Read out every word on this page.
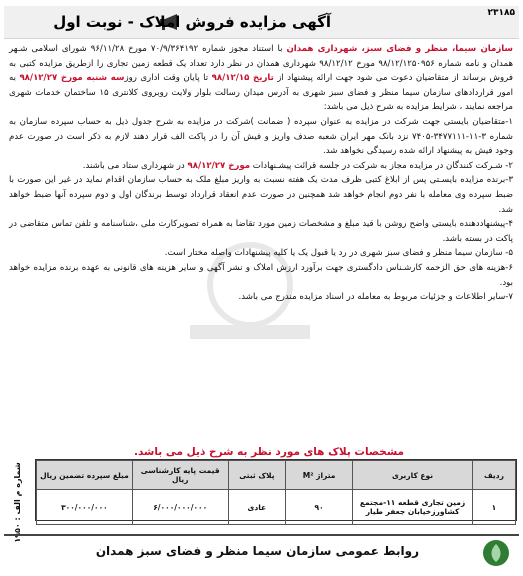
۲۳۱۸۵
آگهی مزایده فروش املاک - نوبت اول

سازمان سیما، منظر و فضای سبز، شهرداری همدان با استناد مجوز شماره ۷۰/۹/۳۶۴۱۹۲ مورخ ۹۶/۱۱/۲۸ شورای اسلامی شـهر همدان و نامه شماره ۹۸/۱۲/۱۲۵۰۹۵۶ مورخ ۹۸/۱۲/۱۲ شهرداری همدان در نظر دارد تعداد یک قطعه زمین تجاری را ازطریق مزایده کتبی به فروش برساند از متقاضیان دعوت می شود جهت ارائه پیشنهاد از تاریخ ۹۸/۱۲/۱۵ تا پایان وقت اداری روزسه شنبه مورخ ۹۸/۱۲/۲۷ به امور قراردادهای سازمان سیما منظر و فضای سبز شهری به آدرس میدان رسالت بلوار ولایت روبروی کلانتری ۱۵ ساختمان خدمات شهری مراجعه نمایند ، شرایط مزایده به شرح ذیل می باشد:

۱-متقاضیان بایستی جهت شرکت در مزایده به عنوان سپرده ( ضمانت )شرکت در مزایده به شرح جدول ذیل به حساب سپرده سازمان به شماره ۳-۱۱-۳۴۷۷۱۱۱-۷۴۰۵ نزد بانک مهر ایران شعبه صدف واریز و فیش آن را در پاکت الف قرار دهند لازم به ذکر است در صورت عدم وجود فیش به پیشنهاد ارائه شده رسیدگی نخواهد شد.

۲- شـرکت کنندگان در مزایده مجاز به شرکت در جلسه قرائت پیشـنهادات مورخ ۹۸/۱۲/۲۷ در شهرداری ستاد می باشند.

۳-برنده مزایده بایسـتی پس از ابلاغ کتبی ظرف مدت یک هفته نسبت به واریز مبلغ ملک به حساب سازمان اقدام نماید در غیر این صورت با ضبط سپرده وی معامله با نفر دوم انجام خواهد شد همچنین در صورت عدم انعقاد قرارداد توسط برندگان اول و دوم سپرده آنها ضبط خواهد شد.

۴-پیشنهاددهنده بایستی واضح روشن با قید مبلغ و مشخصات زمین مورد تقاضا به همراه تصویرکارت ملی ،شناسنامه و تلفن تماس متقاضی در پاکت در بسته باشد.

۵- سازمان سیما منظر و فضای سبز شهری در رد یا قبول یک یا کلیه پیشنهادات واصله مختار است.

۶-هزینه های حق الزحمه کارشـناس دادگستری جهت برآورد ارزش املاک و نشر آگهی و سایر هزینه های قانونی به عهده برنده مزایده خواهد بود.

۷-سایر اطلاعات و جزئیات مربوط به معامله در اسناد مزایده مندرج می باشد.

مشخصات پلاک های مورد نظر به شرح ذیل می باشد.
ردیف	نوع کاربری	متراژ M²	پلاک ثبتی	قیمت پایه کارشناسی ریال	مبلغ سپرده تضمین ریال
۱	زمین تجاری قطعه ۱۱-مجتمع کشاورزخیابان جعفر طیار	۹۰	عادی	۶/۰۰۰/۰۰۰/۰۰۰	۳۰۰/۰۰۰/۰۰۰
شماره م الف : ۱۹۵۰
روابط عمومی سازمان سیما منظر و فضای سبز همدان
